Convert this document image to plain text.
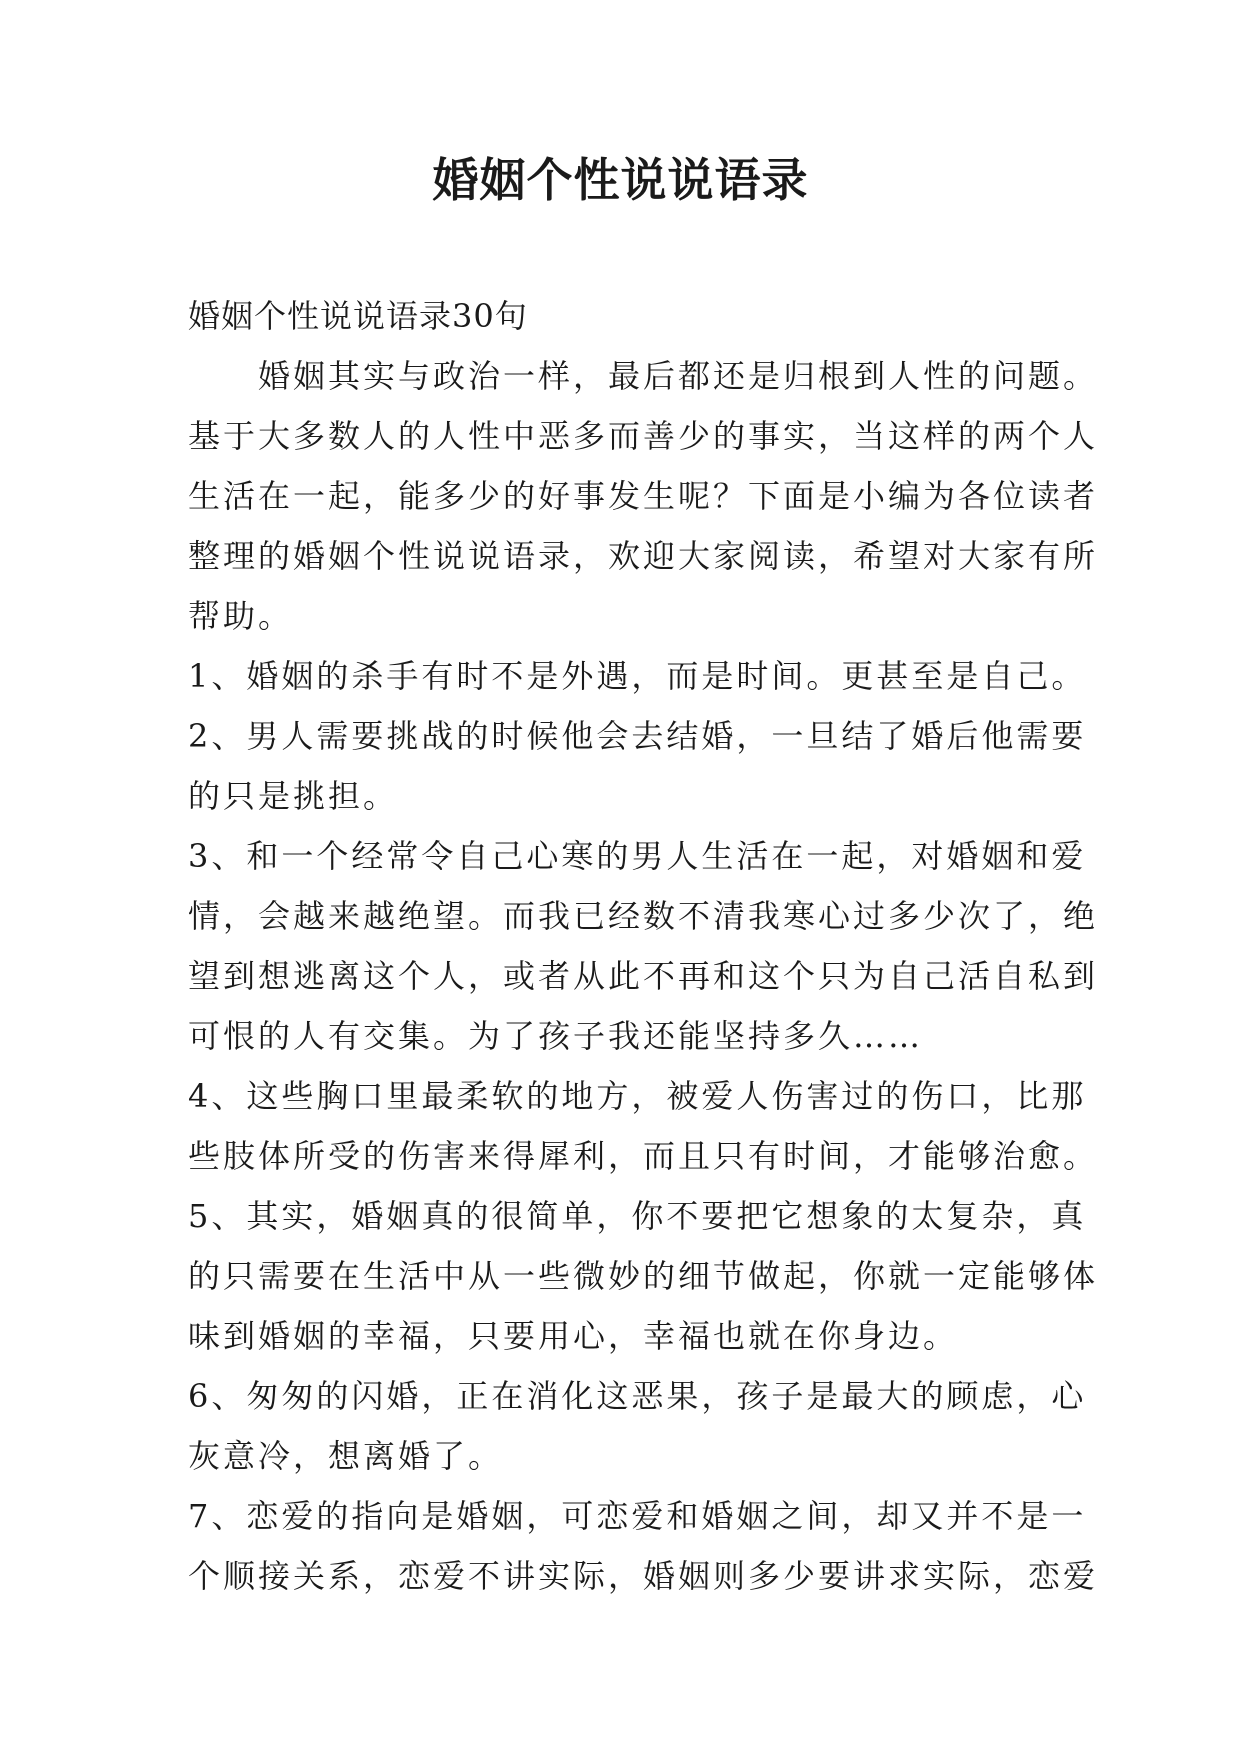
婚姻个性说说语录
婚姻个性说说语录30句
婚姻其实与政治一样，最后都还是归根到人性的问题。
基于大多数人的人性中恶多而善少的事实，当这样的两个人
生活在一起，能多少的好事发生呢？下面是小编为各位读者
整理的婚姻个性说说语录，欢迎大家阅读，希望对大家有所
帮助。
1、婚姻的杀手有时不是外遇，而是时间。更甚至是自己。
2、男人需要挑战的时候他会去结婚，一旦结了婚后他需要
的只是挑担。
3、和一个经常令自己心寒的男人生活在一起，对婚姻和爱
情，会越来越绝望。而我已经数不清我寒心过多少次了，绝
望到想逃离这个人，或者从此不再和这个只为自己活自私到
可恨的人有交集。为了孩子我还能坚持多久……
4、这些胸口里最柔软的地方，被爱人伤害过的伤口，比那
些肢体所受的伤害来得犀利，而且只有时间，才能够治愈。
5、其实，婚姻真的很简单，你不要把它想象的太复杂，真
的只需要在生活中从一些微妙的细节做起，你就一定能够体
味到婚姻的幸福，只要用心，幸福也就在你身边。
6、匆匆的闪婚，正在消化这恶果，孩子是最大的顾虑，心
灰意冷，想离婚了。
7、恋爱的指向是婚姻，可恋爱和婚姻之间，却又并不是一
个顺接关系，恋爱不讲实际，婚姻则多少要讲求实际，恋爱
